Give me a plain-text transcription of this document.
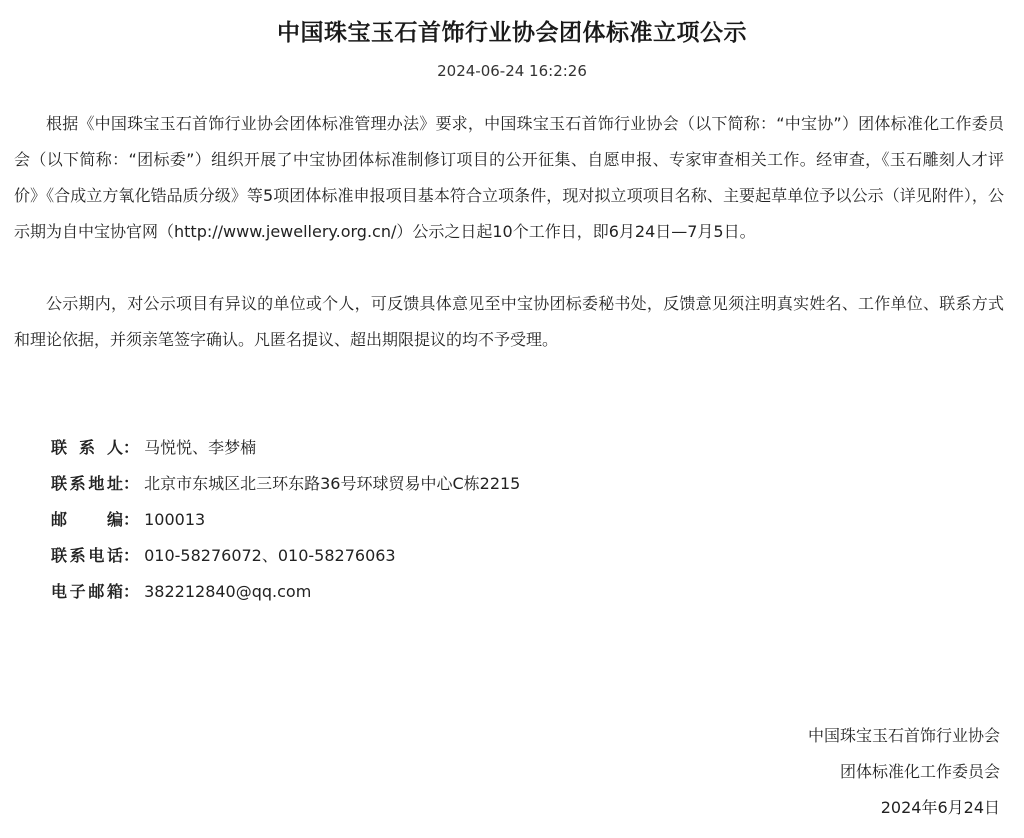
中国珠宝玉石首饰行业协会团体标准立项公示
2024-06-24 16:2:26

根据《中国珠宝玉石首饰行业协会团体标准管理办法》要求，中国珠宝玉石首饰行业协会（以下简称：“中宝协”）团体标准化工作委员会（以下简称：“团标委”）组织开展了中宝协团体标准制修订项目的公开征集、自愿申报、专家审查相关工作。经审查，《玉石雕刻人才评价》《合成立方氧化锆品质分级》等5项团体标准申报项目基本符合立项条件，现对拟立项项目名称、主要起草单位予以公示（详见附件），公示期为自中宝协官网（http://www.jewellery.org.cn/）公示之日起10个工作日，即6月24日—7月5日。

公示期内，对公示项目有异议的单位或个人，可反馈具体意见至中宝协团标委秘书处，反馈意见须注明真实姓名、工作单位、联系方式和理论依据，并须亲笔签字确认。凡匿名提议、超出期限提议的均不予受理。

联系人： 马悦悦、李梦楠
联系地址： 北京市东城区北三环东路36号环球贸易中心C栋2215
邮编： 100013
联系电话： 010-58276072、010-58276063
电子邮箱： 382212840@qq.com
中国珠宝玉石首饰行业协会
团体标准化工作委员会
2024年6月24日
